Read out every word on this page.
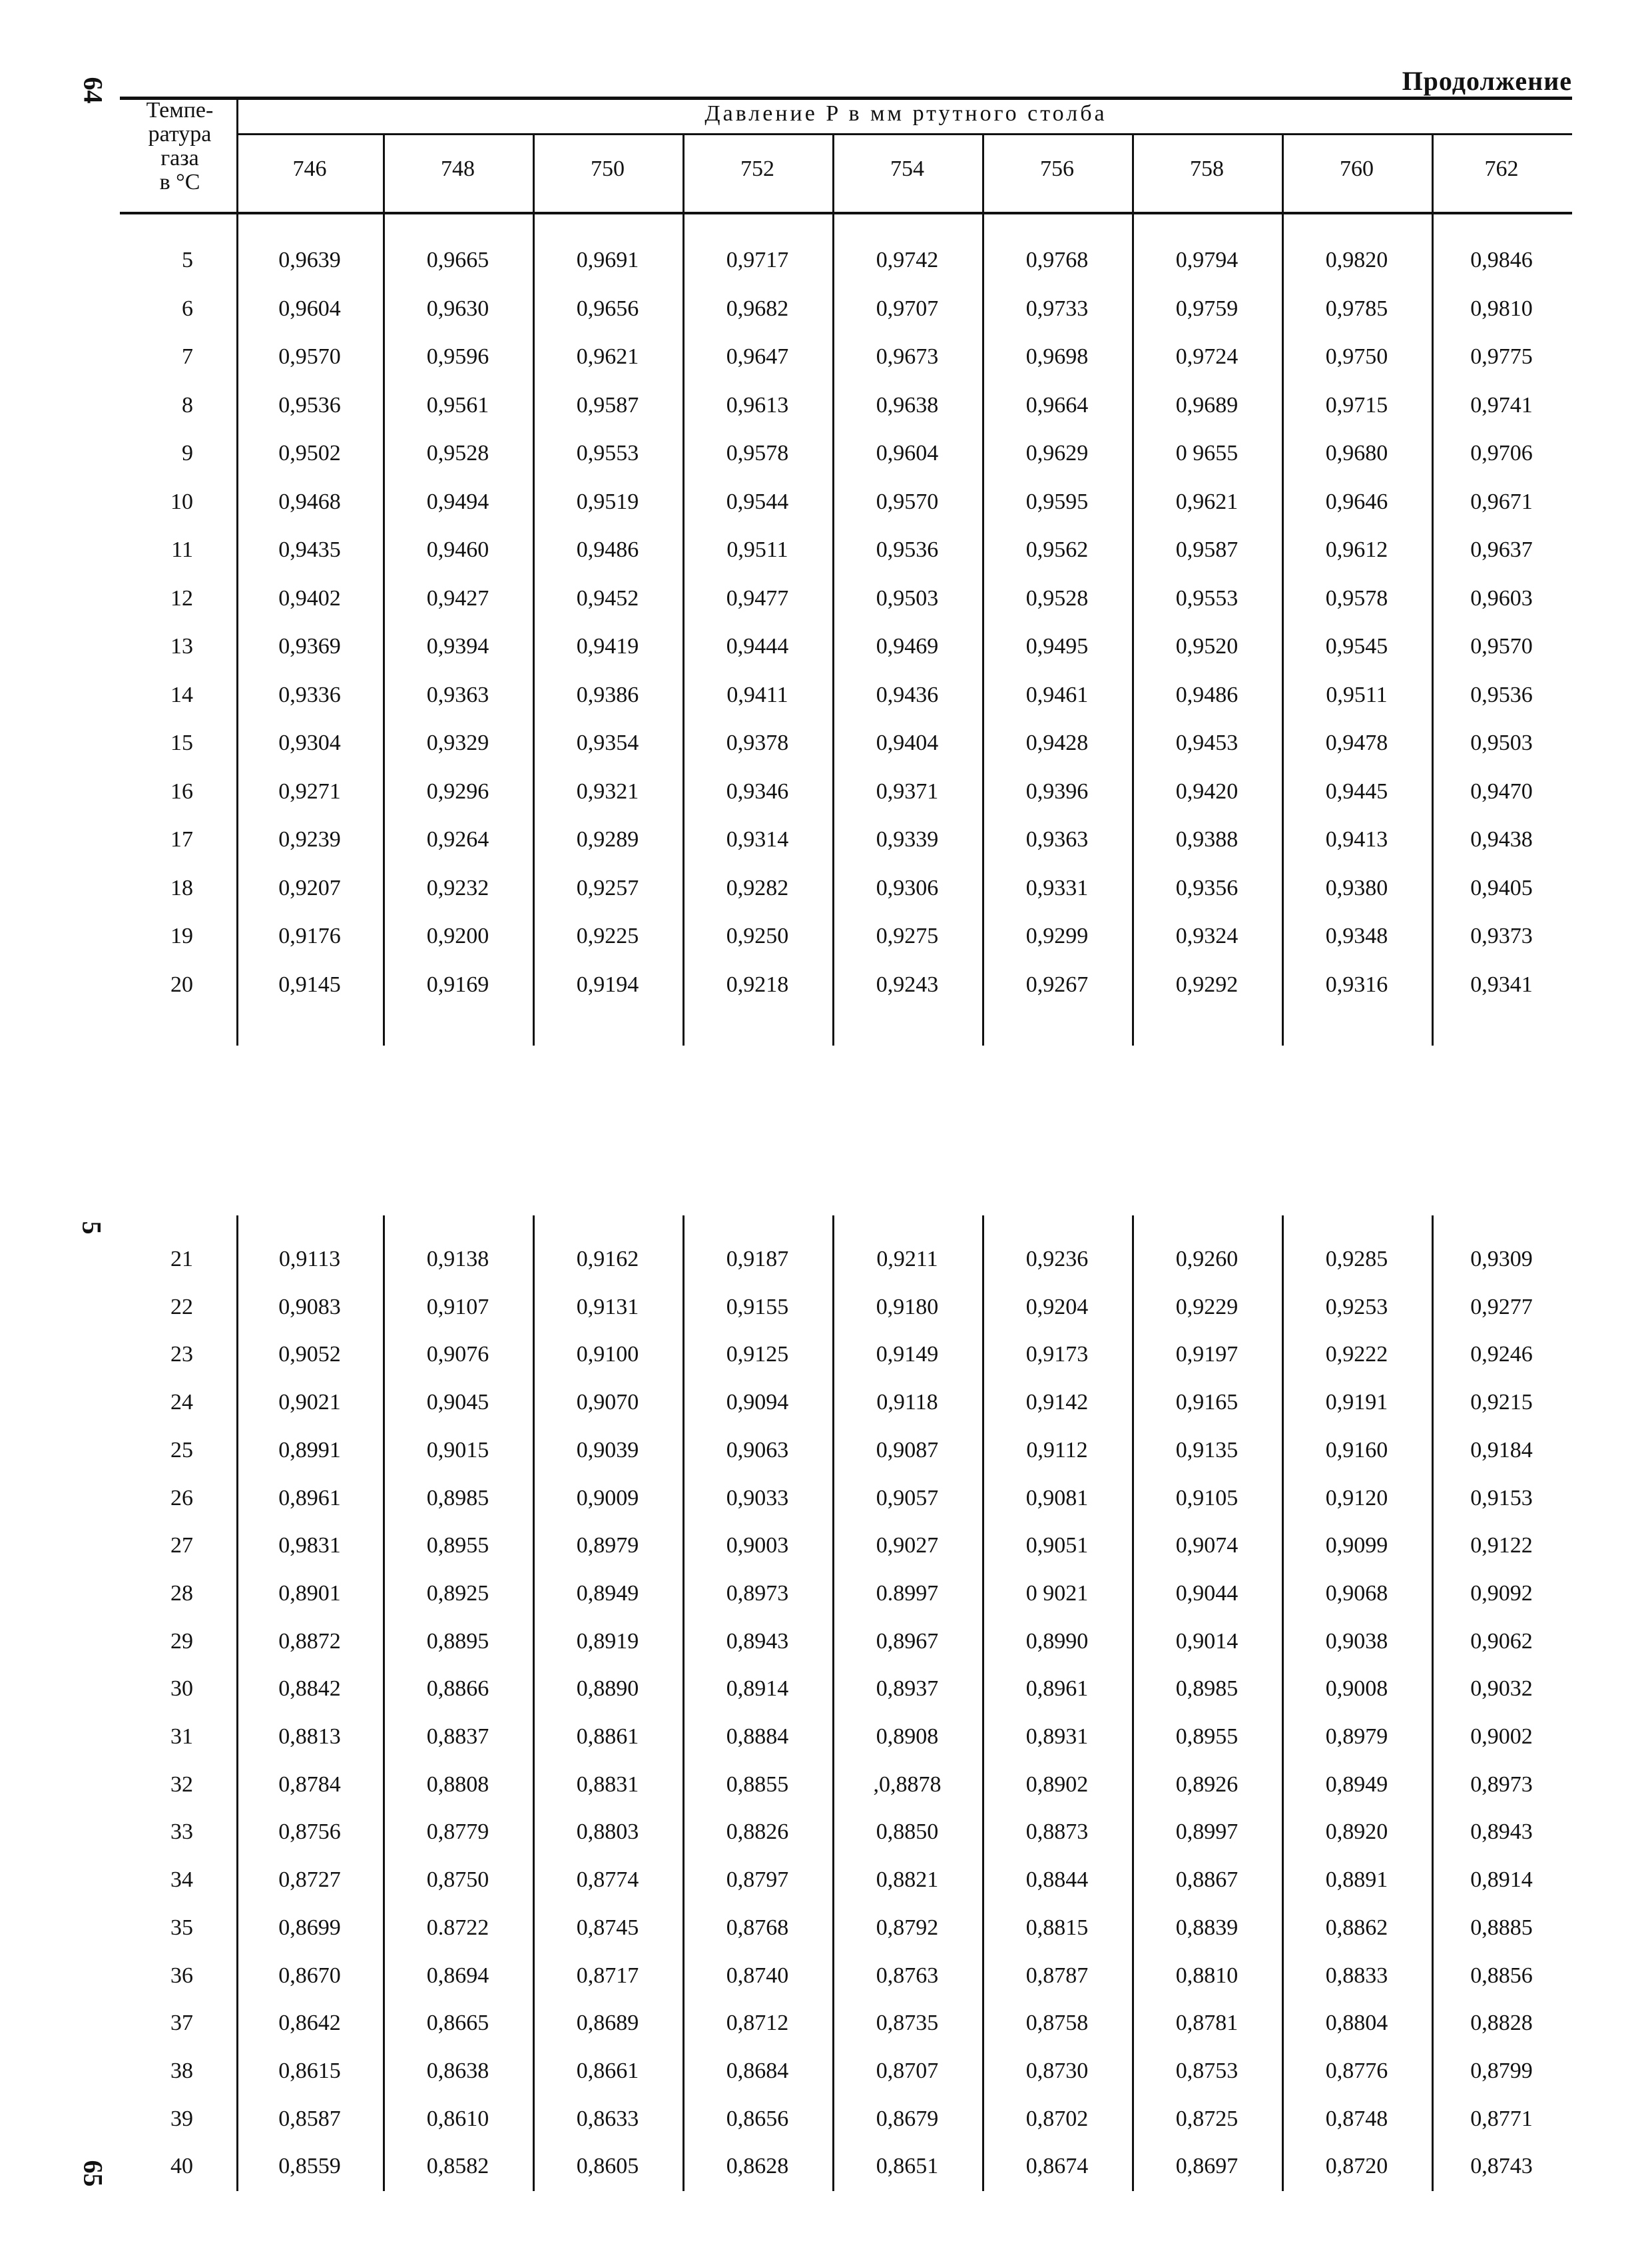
64
5
65
Продолжение
Темпе-
ратура
газа
в °С
Давление P в мм ртутного столба
746	748	750	752	754	756	758	760	762
5	0,9639	0,9665	0,9691	0,9717	0,9742	0,9768	0,9794	0,9820	0,9846
6	0,9604	0,9630	0,9656	0,9682	0,9707	0,9733	0,9759	0,9785	0,9810
7	0,9570	0,9596	0,9621	0,9647	0,9673	0,9698	0,9724	0,9750	0,9775
8	0,9536	0,9561	0,9587	0,9613	0,9638	0,9664	0,9689	0,9715	0,9741
9	0,9502	0,9528	0,9553	0,9578	0,9604	0,9629	0 9655	0,9680	0,9706
10	0,9468	0,9494	0,9519	0,9544	0,9570	0,9595	0,9621	0,9646	0,9671
11	0,9435	0,9460	0,9486	0,9511	0,9536	0,9562	0,9587	0,9612	0,9637
12	0,9402	0,9427	0,9452	0,9477	0,9503	0,9528	0,9553	0,9578	0,9603
13	0,9369	0,9394	0,9419	0,9444	0,9469	0,9495	0,9520	0,9545	0,9570
14	0,9336	0,9363	0,9386	0,9411	0,9436	0,9461	0,9486	0,9511	0,9536
15	0,9304	0,9329	0,9354	0,9378	0,9404	0,9428	0,9453	0,9478	0,9503
16	0,9271	0,9296	0,9321	0,9346	0,9371	0,9396	0,9420	0,9445	0,9470
17	0,9239	0,9264	0,9289	0,9314	0,9339	0,9363	0,9388	0,9413	0,9438
18	0,9207	0,9232	0,9257	0,9282	0,9306	0,9331	0,9356	0,9380	0,9405
19	0,9176	0,9200	0,9225	0,9250	0,9275	0,9299	0,9324	0,9348	0,9373
20	0,9145	0,9169	0,9194	0,9218	0,9243	0,9267	0,9292	0,9316	0,9341
21	0,9113	0,9138	0,9162	0,9187	0,9211	0,9236	0,9260	0,9285	0,9309
22	0,9083	0,9107	0,9131	0,9155	0,9180	0,9204	0,9229	0,9253	0,9277
23	0,9052	0,9076	0,9100	0,9125	0,9149	0,9173	0,9197	0,9222	0,9246
24	0,9021	0,9045	0,9070	0,9094	0,9118	0,9142	0,9165	0,9191	0,9215
25	0,8991	0,9015	0,9039	0,9063	0,9087	0,9112	0,9135	0,9160	0,9184
26	0,8961	0,8985	0,9009	0,9033	0,9057	0,9081	0,9105	0,9120	0,9153
27	0,9831	0,8955	0,8979	0,9003	0,9027	0,9051	0,9074	0,9099	0,9122
28	0,8901	0,8925	0,8949	0,8973	0.8997	0 9021	0,9044	0,9068	0,9092
29	0,8872	0,8895	0,8919	0,8943	0,8967	0,8990	0,9014	0,9038	0,9062
30	0,8842	0,8866	0,8890	0,8914	0,8937	0,8961	0,8985	0,9008	0,9032
31	0,8813	0,8837	0,8861	0,8884	0,8908	0,8931	0,8955	0,8979	0,9002
32	0,8784	0,8808	0,8831	0,8855	,0,8878	0,8902	0,8926	0,8949	0,8973
33	0,8756	0,8779	0,8803	0,8826	0,8850	0,8873	0,8997	0,8920	0,8943
34	0,8727	0,8750	0,8774	0,8797	0,8821	0,8844	0,8867	0,8891	0,8914
35	0,8699	0.8722	0,8745	0,8768	0,8792	0,8815	0,8839	0,8862	0,8885
36	0,8670	0,8694	0,8717	0,8740	0,8763	0,8787	0,8810	0,8833	0,8856
37	0,8642	0,8665	0,8689	0,8712	0,8735	0,8758	0,8781	0,8804	0,8828
38	0,8615	0,8638	0,8661	0,8684	0,8707	0,8730	0,8753	0,8776	0,8799
39	0,8587	0,8610	0,8633	0,8656	0,8679	0,8702	0,8725	0,8748	0,8771
40	0,8559	0,8582	0,8605	0,8628	0,8651	0,8674	0,8697	0,8720	0,8743
